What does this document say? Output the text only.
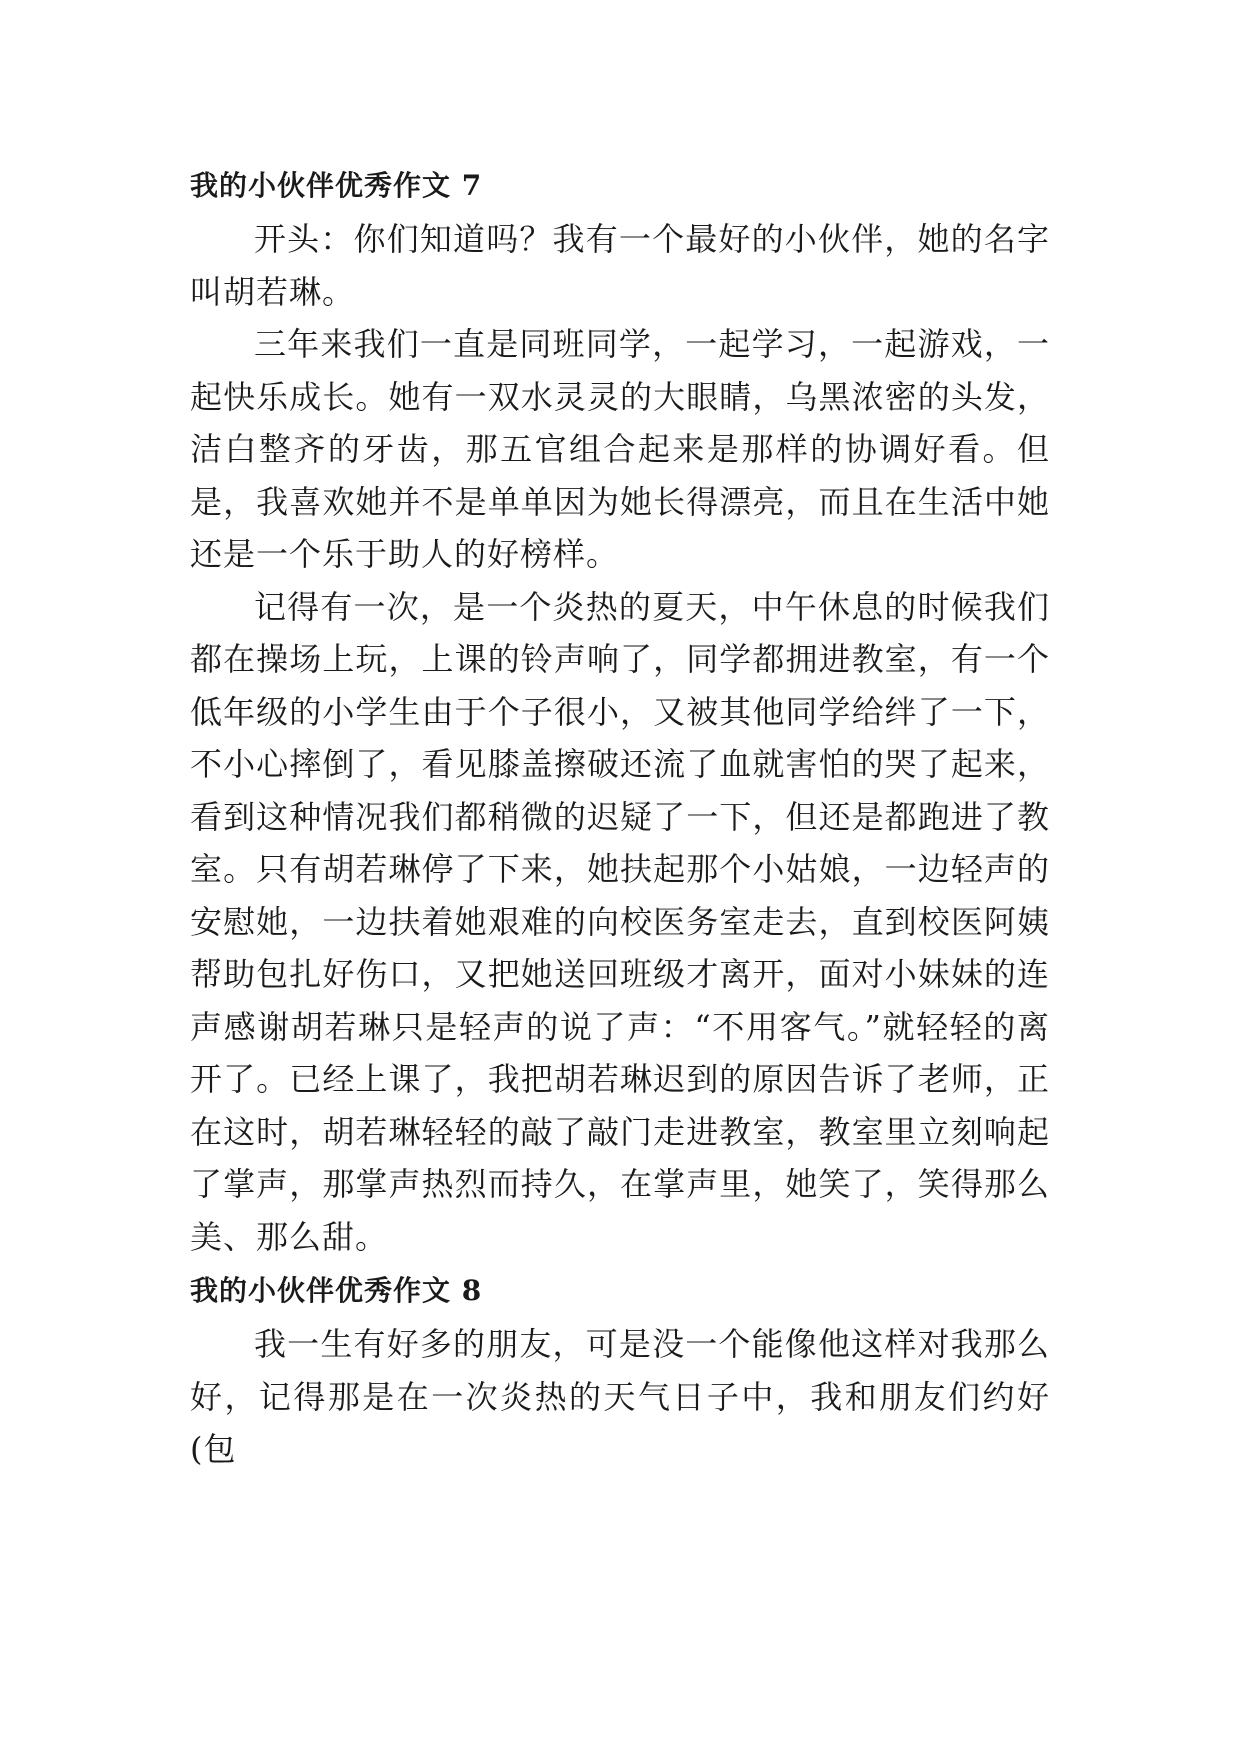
我的小伙伴优秀作文 7

开头：你们知道吗？我有一个最好的小伙伴，她的名字叫胡若琳。

三年来我们一直是同班同学，一起学习，一起游戏，一起快乐成长。她有一双水灵灵的大眼睛，乌黑浓密的头发，洁白整齐的牙齿，那五官组合起来是那样的协调好看。但是，我喜欢她并不是单单因为她长得漂亮，而且在生活中她还是一个乐于助人的好榜样。

记得有一次，是一个炎热的夏天，中午休息的时候我们都在操场上玩，上课的铃声响了，同学都拥进教室，有一个低年级的小学生由于个子很小，又被其他同学给绊了一下，不小心摔倒了，看见膝盖擦破还流了血就害怕的哭了起来，看到这种情况我们都稍微的迟疑了一下，但还是都跑进了教室。只有胡若琳停了下来，她扶起那个小姑娘，一边轻声的安慰她，一边扶着她艰难的向校医务室走去，直到校医阿姨帮助包扎好伤口，又把她送回班级才离开，面对小妹妹的连声感谢胡若琳只是轻声的说了声：“不用客气。”就轻轻的离开了。已经上课了，我把胡若琳迟到的原因告诉了老师，正在这时，胡若琳轻轻的敲了敲门走进教室，教室里立刻响起了掌声，那掌声热烈而持久，在掌声里，她笑了，笑得那么美、那么甜。

我的小伙伴优秀作文 8

我一生有好多的朋友，可是没一个能像他这样对我那么好，记得那是在一次炎热的天气日子中，我和朋友们约好(包
